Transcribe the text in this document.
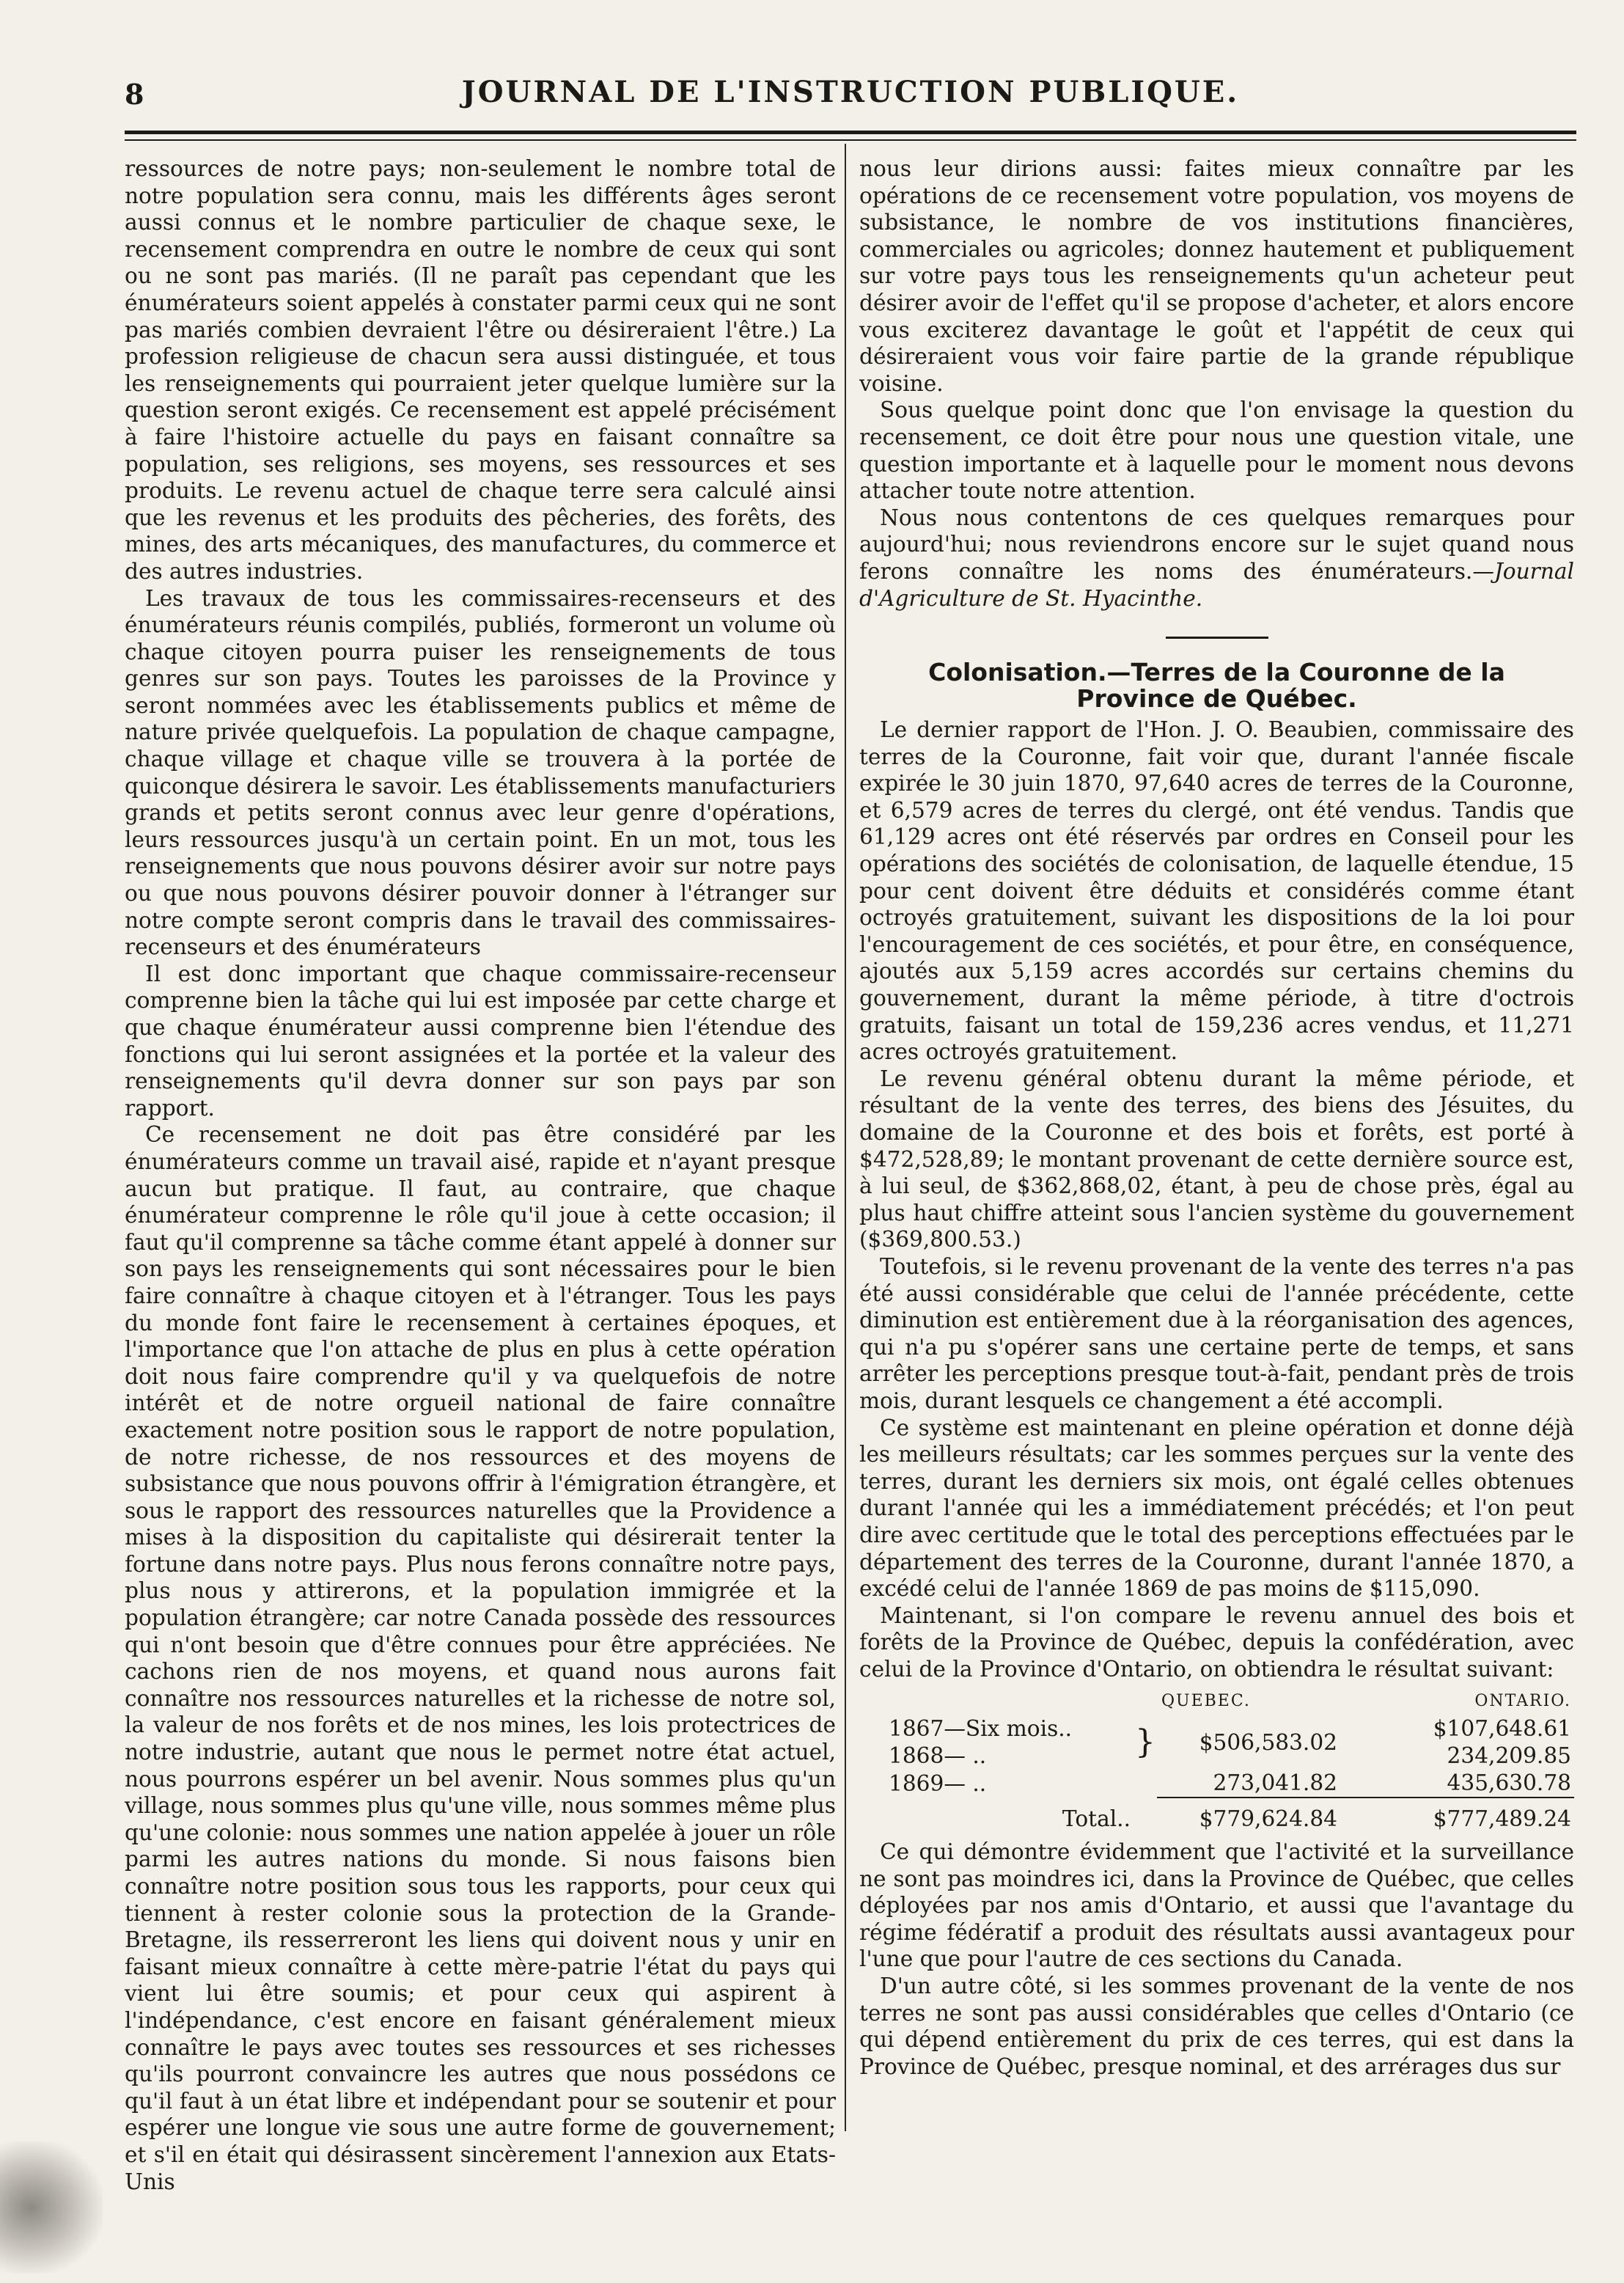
8	JOURNAL DE L'INSTRUCTION PUBLIQUE.

ressources de notre pays; non-seulement le nombre total de notre population sera connu, mais les différents âges seront aussi connus et le nombre particulier de chaque sexe, le recensement comprendra en outre le nombre de ceux qui sont ou ne sont pas mariés. (Il ne paraît pas cependant que les énumérateurs soient appelés à constater parmi ceux qui ne sont pas mariés combien devraient l'être ou désireraient l'être.) La profession religieuse de chacun sera aussi distinguée, et tous les renseignements qui pourraient jeter quelque lumière sur la question seront exigés. Ce recensement est appelé précisément à faire l'histoire actuelle du pays en faisant connaître sa population, ses religions, ses moyens, ses ressources et ses produits. Le revenu actuel de chaque terre sera calculé ainsi que les revenus et les produits des pêcheries, des forêts, des mines, des arts mécaniques, des manufactures, du commerce et des autres industries.

Les travaux de tous les commissaires-recenseurs et des énumérateurs réunis compilés, publiés, formeront un volume où chaque citoyen pourra puiser les renseignements de tous genres sur son pays. Toutes les paroisses de la Province y seront nommées avec les établissements publics et même de nature privée quelquefois. La population de chaque campagne, chaque village et chaque ville se trouvera à la portée de quiconque désirera le savoir. Les établissements manufacturiers grands et petits seront connus avec leur genre d'opérations, leurs ressources jusqu'à un certain point. En un mot, tous les renseignements que nous pouvons désirer avoir sur notre pays ou que nous pouvons désirer pouvoir donner à l'étranger sur notre compte seront compris dans le travail des commissaires-recenseurs et des énumérateurs

Il est donc important que chaque commissaire-recenseur comprenne bien la tâche qui lui est imposée par cette charge et que chaque énumérateur aussi comprenne bien l'étendue des fonctions qui lui seront assignées et la portée et la valeur des renseignements qu'il devra donner sur son pays par son rapport.

Ce recensement ne doit pas être considéré par les énumérateurs comme un travail aisé, rapide et n'ayant presque aucun but pratique. Il faut, au contraire, que chaque énumérateur comprenne le rôle qu'il joue à cette occasion; il faut qu'il comprenne sa tâche comme étant appelé à donner sur son pays les renseignements qui sont nécessaires pour le bien faire connaître à chaque citoyen et à l'étranger. Tous les pays du monde font faire le recensement à certaines époques, et l'importance que l'on attache de plus en plus à cette opération doit nous faire comprendre qu'il y va quelquefois de notre intérêt et de notre orgueil national de faire connaître exactement notre position sous le rapport de notre population, de notre richesse, de nos ressources et des moyens de subsistance que nous pouvons offrir à l'émigration étrangère, et sous le rapport des ressources naturelles que la Providence a mises à la disposition du capitaliste qui désirerait tenter la fortune dans notre pays. Plus nous ferons connaître notre pays, plus nous y attirerons, et la population immigrée et la population étrangère; car notre Canada possède des ressources qui n'ont besoin que d'être connues pour être appréciées. Ne cachons rien de nos moyens, et quand nous aurons fait connaître nos ressources naturelles et la richesse de notre sol, la valeur de nos forêts et de nos mines, les lois protectrices de notre industrie, autant que nous le permet notre état actuel, nous pourrons espérer un bel avenir. Nous sommes plus qu'un village, nous sommes plus qu'une ville, nous sommes même plus qu'une colonie: nous sommes une nation appelée à jouer un rôle parmi les autres nations du monde. Si nous faisons bien connaître notre position sous tous les rapports, pour ceux qui tiennent à rester colonie sous la protection de la Grande-Bretagne, ils resserreront les liens qui doivent nous y unir en faisant mieux connaître à cette mère-patrie l'état du pays qui vient lui être soumis; et pour ceux qui aspirent à l'indépendance, c'est encore en faisant généralement mieux connaître le pays avec toutes ses ressources et ses richesses qu'ils pourront convaincre les autres que nous possédons ce qu'il faut à un état libre et indépendant pour se soutenir et pour espérer une longue vie sous une autre forme de gouvernement; et s'il en était qui désirassent sincèrement l'annexion aux Etats-Unis

nous leur dirions aussi: faites mieux connaître par les opérations de ce recensement votre population, vos moyens de subsistance, le nombre de vos institutions financières, commerciales ou agricoles; donnez hautement et publiquement sur votre pays tous les renseignements qu'un acheteur peut désirer avoir de l'effet qu'il se propose d'acheter, et alors encore vous exciterez davantage le goût et l'appétit de ceux qui désireraient vous voir faire partie de la grande république voisine.

Sous quelque point donc que l'on envisage la question du recensement, ce doit être pour nous une question vitale, une question importante et à laquelle pour le moment nous devons attacher toute notre attention.

Nous nous contentons de ces quelques remarques pour aujourd'hui; nous reviendrons encore sur le sujet quand nous ferons connaître les noms des énumérateurs.—Journal d'Agriculture de St. Hyacinthe.

Colonisation.—Terres de la Couronne de la
Province de Québec.

Le dernier rapport de l'Hon. J. O. Beaubien, commissaire des terres de la Couronne, fait voir que, durant l'année fiscale expirée le 30 juin 1870, 97,640 acres de terres de la Couronne, et 6,579 acres de terres du clergé, ont été vendus. Tandis que 61,129 acres ont été réservés par ordres en Conseil pour les opérations des sociétés de colonisation, de laquelle étendue, 15 pour cent doivent être déduits et considérés comme étant octroyés gratuitement, suivant les dispositions de la loi pour l'encouragement de ces sociétés, et pour être, en conséquence, ajoutés aux 5,159 acres accordés sur certains chemins du gouvernement, durant la même période, à titre d'octrois gratuits, faisant un total de 159,236 acres vendus, et 11,271 acres octroyés gratuitement.

Le revenu général obtenu durant la même période, et résultant de la vente des terres, des biens des Jésuites, du domaine de la Couronne et des bois et forêts, est porté à $472,528,89; le montant provenant de cette dernière source est, à lui seul, de $362,868,02, étant, à peu de chose près, égal au plus haut chiffre atteint sous l'ancien système du gouvernement ($369,800.53.)

Toutefois, si le revenu provenant de la vente des terres n'a pas été aussi considérable que celui de l'année précédente, cette diminution est entièrement due à la réorganisation des agences, qui n'a pu s'opérer sans une certaine perte de temps, et sans arrêter les perceptions presque tout-à-fait, pendant près de trois mois, durant lesquels ce changement a été accompli.

Ce système est maintenant en pleine opération et donne déjà les meilleurs résultats; car les sommes perçues sur la vente des terres, durant les derniers six mois, ont égalé celles obtenues durant l'année qui les a immédiatement précédés; et l'on peut dire avec certitude que le total des perceptions effectuées par le département des terres de la Couronne, durant l'année 1870, a excédé celui de l'année 1869 de pas moins de $115,090.

Maintenant, si l'on compare le revenu annuel des bois et forêts de la Province de Québec, depuis la confédération, avec celui de la Province d'Ontario, on obtiendra le résultat suivant:

		QUEBEC.	ONTARIO.
1867—Six mois..	}	$506,583.02	$107,648.61
1868— ..			234,209.85
1869— ..		273,041.82	435,630.78
Total..		$779,624.84	$777,489.24

Ce qui démontre évidemment que l'activité et la surveillance ne sont pas moindres ici, dans la Province de Québec, que celles déployées par nos amis d'Ontario, et aussi que l'avantage du régime fédératif a produit des résultats aussi avantageux pour l'une que pour l'autre de ces sections du Canada.

D'un autre côté, si les sommes provenant de la vente de nos terres ne sont pas aussi considérables que celles d'Ontario (ce qui dépend entièrement du prix de ces terres, qui est dans la Province de Québec, presque nominal, et des arrérages dus sur
